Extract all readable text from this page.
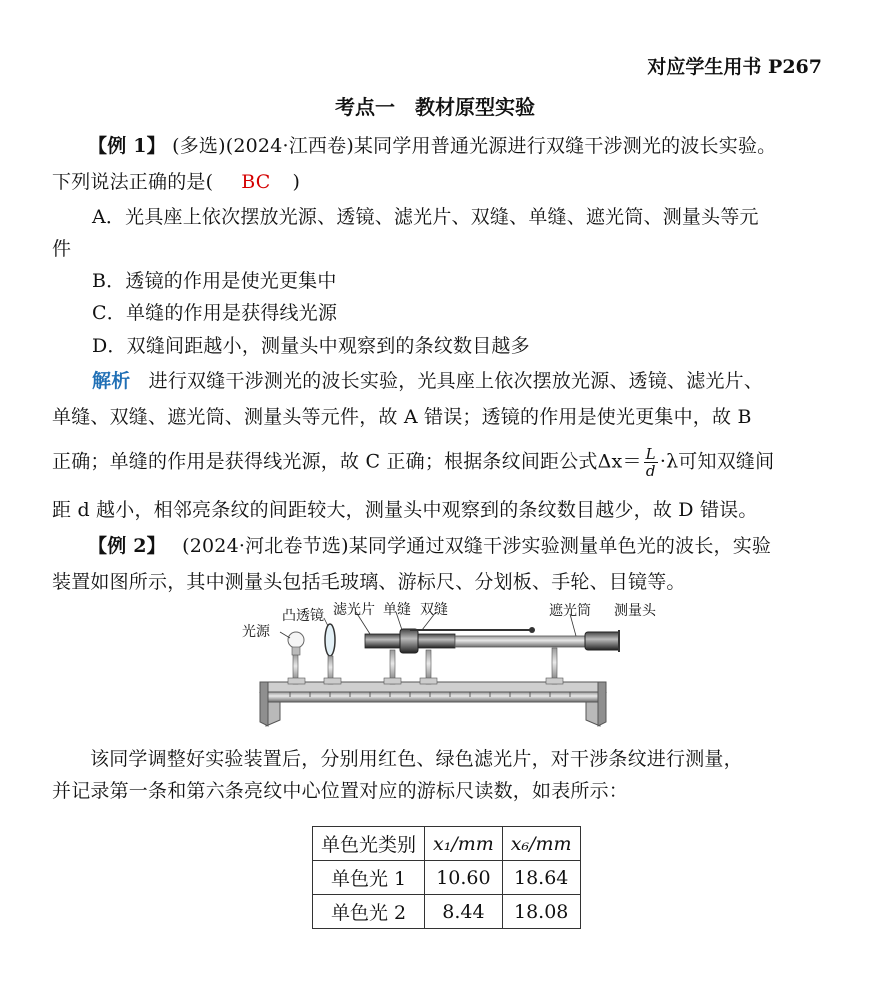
对应学生用书 P267
考点一　教材原型实验
【例 1】 (多选)(2024·江西卷)某同学用普通光源进行双缝干涉测光的波长实验。
下列说法正确的是( BC )
A．光具座上依次摆放光源、透镜、滤光片、双缝、单缝、遮光筒、测量头等元
件
B．透镜的作用是使光更集中
C．单缝的作用是获得线光源
D．双缝间距越小，测量头中观察到的条纹数目越多
解析 进行双缝干涉测光的波长实验，光具座上依次摆放光源、透镜、滤光片、
单缝、双缝、遮光筒、测量头等元件，故 A 错误；透镜的作用是使光更集中，故 B
正确；单缝的作用是获得线光源，故 C 正确；根据条纹间距公式$\Delta x= \frac{L}{d} \cdot\lambda$可知双缝间
距 d 越小，相邻亮条纹的间距较大，测量头中观察到的条纹数目越少，故 D 错误。
【例 2】 (2024·河北卷节选)某同学通过双缝干涉实验测量单色光的波长，实验
装置如图所示，其中测量头包括毛玻璃、游标尺、分划板、手轮、目镜等。
光源
凸透镜 滤光片 单缝 双缝	遮光筒 测量头
该同学调整好实验装置后，分别用红色、绿色滤光片，对干涉条纹进行测量，
并记录第一条和第六条亮纹中心位置对应的游标尺读数，如表所示：
单色光类别	x₁/mm	x₆/mm
单色光 1	10.60	18.64
单色光 2	8.44	18.08
